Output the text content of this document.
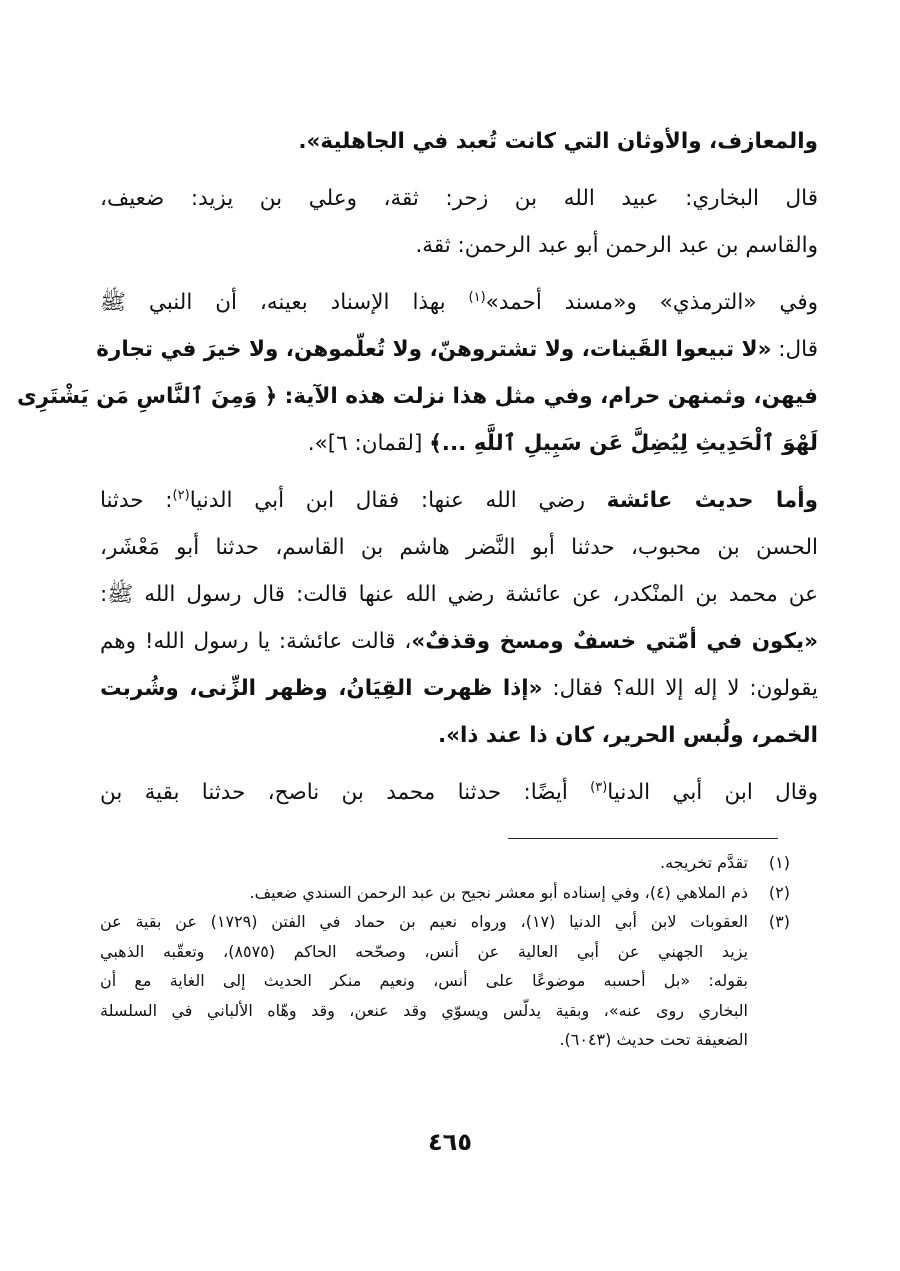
والمعازف، والأوثان التي كانت تُعبد في الجاهلية».

قال البخاري: عبيد الله بن زحر: ثقة، وعلي بن يزيد: ضعيف،
والقاسم بن عبد الرحمن أبو عبد الرحمن: ثقة.

وفي «الترمذي» و«مسند أحمد»$^{(١)}$ بهذا الإسناد بعينه، أن النبي ﷺ
قال: «لا تبيعوا القَينات، ولا تشتروهنّ، ولا تُعلّموهن، ولا خيرَ في تجارة
فيهن، وثمنهن حرام، وفي مثل هذا نزلت هذه الآية: ﴿ وَمِنَ ٱلنَّاسِ مَن يَشْتَرِى
لَهْوَ ٱلْحَدِيثِ لِيُضِلَّ عَن سَبِيلِ ٱللَّهِ ...﴾ [لقمان: ٦]».

وأما حديث عائشة رضي الله عنها: فقال ابن أبي الدنيا$^{(٢)}$: حدثنا
الحسن بن محبوب، حدثنا أبو النَّضر هاشم بن القاسم، حدثنا أبو مَعْشَر،
عن محمد بن المنْكدر، عن عائشة رضي الله عنها قالت: قال رسول الله ﷺ:
«يكون في أمّتي خسفٌ ومسخ وقذفٌ»، قالت عائشة: يا رسول الله! وهم
يقولون: لا إله إلا الله؟ فقال: «إذا ظهرت القِيَانُ، وظهر الزِّنى، وشُربت
الخمر، ولُبس الحرير، كان ذا عند ذا».

وقال ابن أبي الدنيا$^{(٣)}$ أيضًا: حدثنا محمد بن ناصح، حدثنا بقية بن

(١)
تقدَّم تخريجه.
(٢)
ذم الملاهي (٤)، وفي إسناده أبو معشر نجيح بن عبد الرحمن السندي ضعيف.
(٣)
العقوبات لابن أبي الدنيا (١٧)، ورواه نعيم بن حماد في الفتن (١٧٢٩) عن بقية عن
يزيد الجهني عن أبي العالية عن أنس، وصحّحه الحاكم (٨٥٧٥)، وتعقّبه الذهبي
بقوله: «بل أحسبه موضوعًا على أنس، ونعيم منكر الحديث إلى الغاية مع أن
البخاري روى عنه»، وبقية يدلّس ويسوّي وقد عنعن، وقد وهّاه الألباني في السلسلة
الضعيفة تحت حديث (٦٠٤٣).
٤٦٥
